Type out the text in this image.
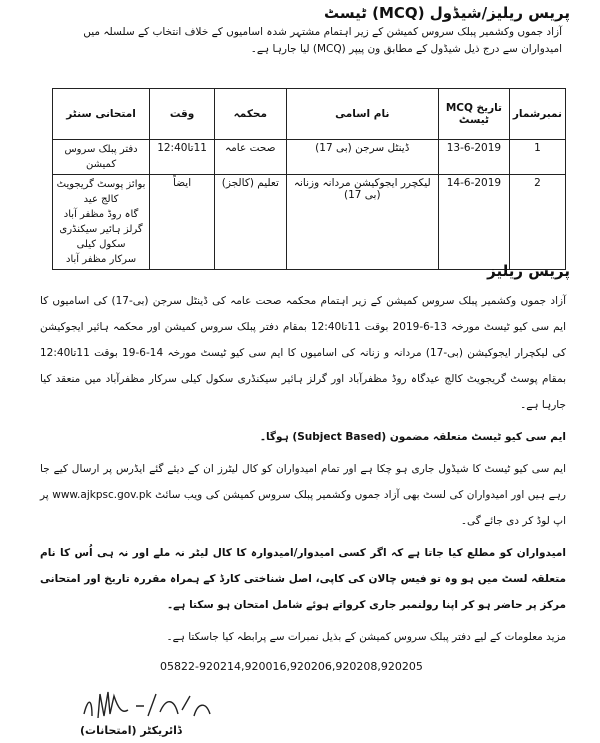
پریس ریلیز/شیڈول (MCQ) ٹیسٹ
آزاد جموں وکشمیر پبلک سروس کمیشن کے زیر اہتمام مشتہر شدہ اسامیوں کے خلاف انتخاب کے سلسلہ میں امیدواران سے درج ذیل شیڈول کے مطابق ون پیپر (MCQ) لیا جارہا ہے۔
نمبرشمار	تاریخ MCQ ٹیسٹ	نام اسامی	محکمہ	وقت	امتحانی سنٹر
1	13-6-2019	ڈینٹل سرجن (بی 17)	صحت عامہ	11تا12:40	دفتر پبلک سروس کمیشن

2	14-6-2019	لیکچرر ایجوکیشن مردانہ وزنانہ (بی 17)	تعلیم (کالجز)	ایضاً	بوائز پوسٹ گریجویٹ کالج عید
گاہ روڈ مظفر آباد
گرلز ہائیر سیکنڈری سکول کیلی
سرکار مظفر آباد
پریس ریلیز

آزاد جموں وکشمیر پبلک سروس کمیشن کے زیر اہتمام محکمہ صحت عامہ کی ڈینٹل سرجن (بی-17) کی اسامیوں کا ایم سی کیو ٹیسٹ مورخہ 13-6-2019 بوقت 11تا12:40 بمقام دفتر پبلک سروس کمیشن اور محکمہ ہائیر ایجوکیشن کی لیکچرار ایجوکیشن (بی-17) مردانہ و زنانہ کی اسامیوں کا ایم سی کیو ٹیسٹ مورخہ 14-6-19 بوقت 11تا12:40 بمقام پوسٹ گریجویٹ کالج عیدگاہ روڈ مظفرآباد اور گرلز ہائیر سیکنڈری سکول کیلی سرکار مظفرآباد میں منعقد کیا جارہا ہے۔

ایم سی کیو ٹیسٹ متعلقہ مضمون (Subject Based) ہوگا۔

ایم سی کیو ٹیسٹ کا شیڈول جاری ہو چکا ہے اور تمام امیدواران کو کال لیٹرز ان کے دیئے گئے ایڈرس پر ارسال کیے جا رہے ہیں اور امیدواران کی لسٹ بھی آزاد جموں وکشمیر پبلک سروس کمیشن کی ویب سائٹ www.ajkpsc.gov.pk پر اپ لوڈ کر دی جائے گی۔

امیدواران کو مطلع کیا جاتا ہے کہ اگر کسی امیدوار/امیدوارہ کا کال لیٹر نہ ملے اور نہ ہی اُس کا نام متعلقہ لسٹ میں ہو وہ تو فیس چالان کی کاپی، اصل شناختی کارڈ کے ہمراہ مقررہ تاریخ اور امتحانی مرکز پر حاضر ہو کر اپنا رولنمبر جاری کرواتے ہوئے شامل امتحان ہو سکتا ہے۔

مزید معلومات کے لیے دفتر پبلک سروس کمیشن کے بذیل نمبرات سے پرابطہ کیا جاسکتا ہے۔

05822-920214,920016,920206,920208,920205
ڈائریکٹر (امتحانات)
